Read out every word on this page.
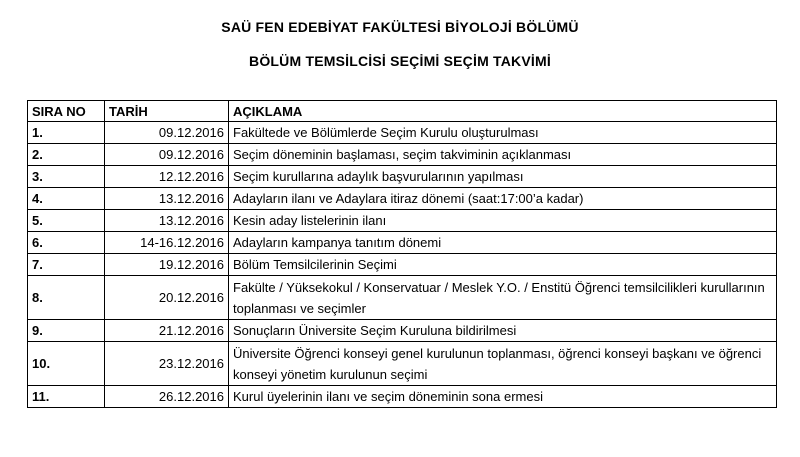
SAÜ FEN EDEBİYAT FAKÜLTESİ BİYOLOJİ BÖLÜMÜ
BÖLÜM TEMSİLCİSİ SEÇİMİ SEÇİM TAKVİMİ
SIRA NO	TARİH	AÇIKLAMA
1.	09.12.2016	Fakültede ve Bölümlerde Seçim Kurulu oluşturulması
2.	09.12.2016	Seçim döneminin başlaması, seçim takviminin açıklanması
3.	12.12.2016	Seçim kurullarına adaylık başvurularının yapılması
4.	13.12.2016	Adayların ilanı ve Adaylara itiraz dönemi (saat:17:00’a kadar)
5.	13.12.2016	Kesin aday listelerinin ilanı
6.	14-16.12.2016	Adayların kampanya tanıtım dönemi
7.	19.12.2016	Bölüm Temsilcilerinin Seçimi
8.	20.12.2016	Fakülte / Yüksekokul / Konservatuar / Meslek Y.O. / Enstitü Öğrenci temsilcilikleri kurullarının toplanması ve seçimler
9.	21.12.2016	Sonuçların Üniversite Seçim Kuruluna bildirilmesi
10.	23.12.2016	Üniversite Öğrenci konseyi genel kurulunun toplanması, öğrenci konseyi başkanı ve öğrenci konseyi yönetim kurulunun seçimi
11.	26.12.2016	Kurul üyelerinin ilanı ve seçim döneminin sona ermesi
